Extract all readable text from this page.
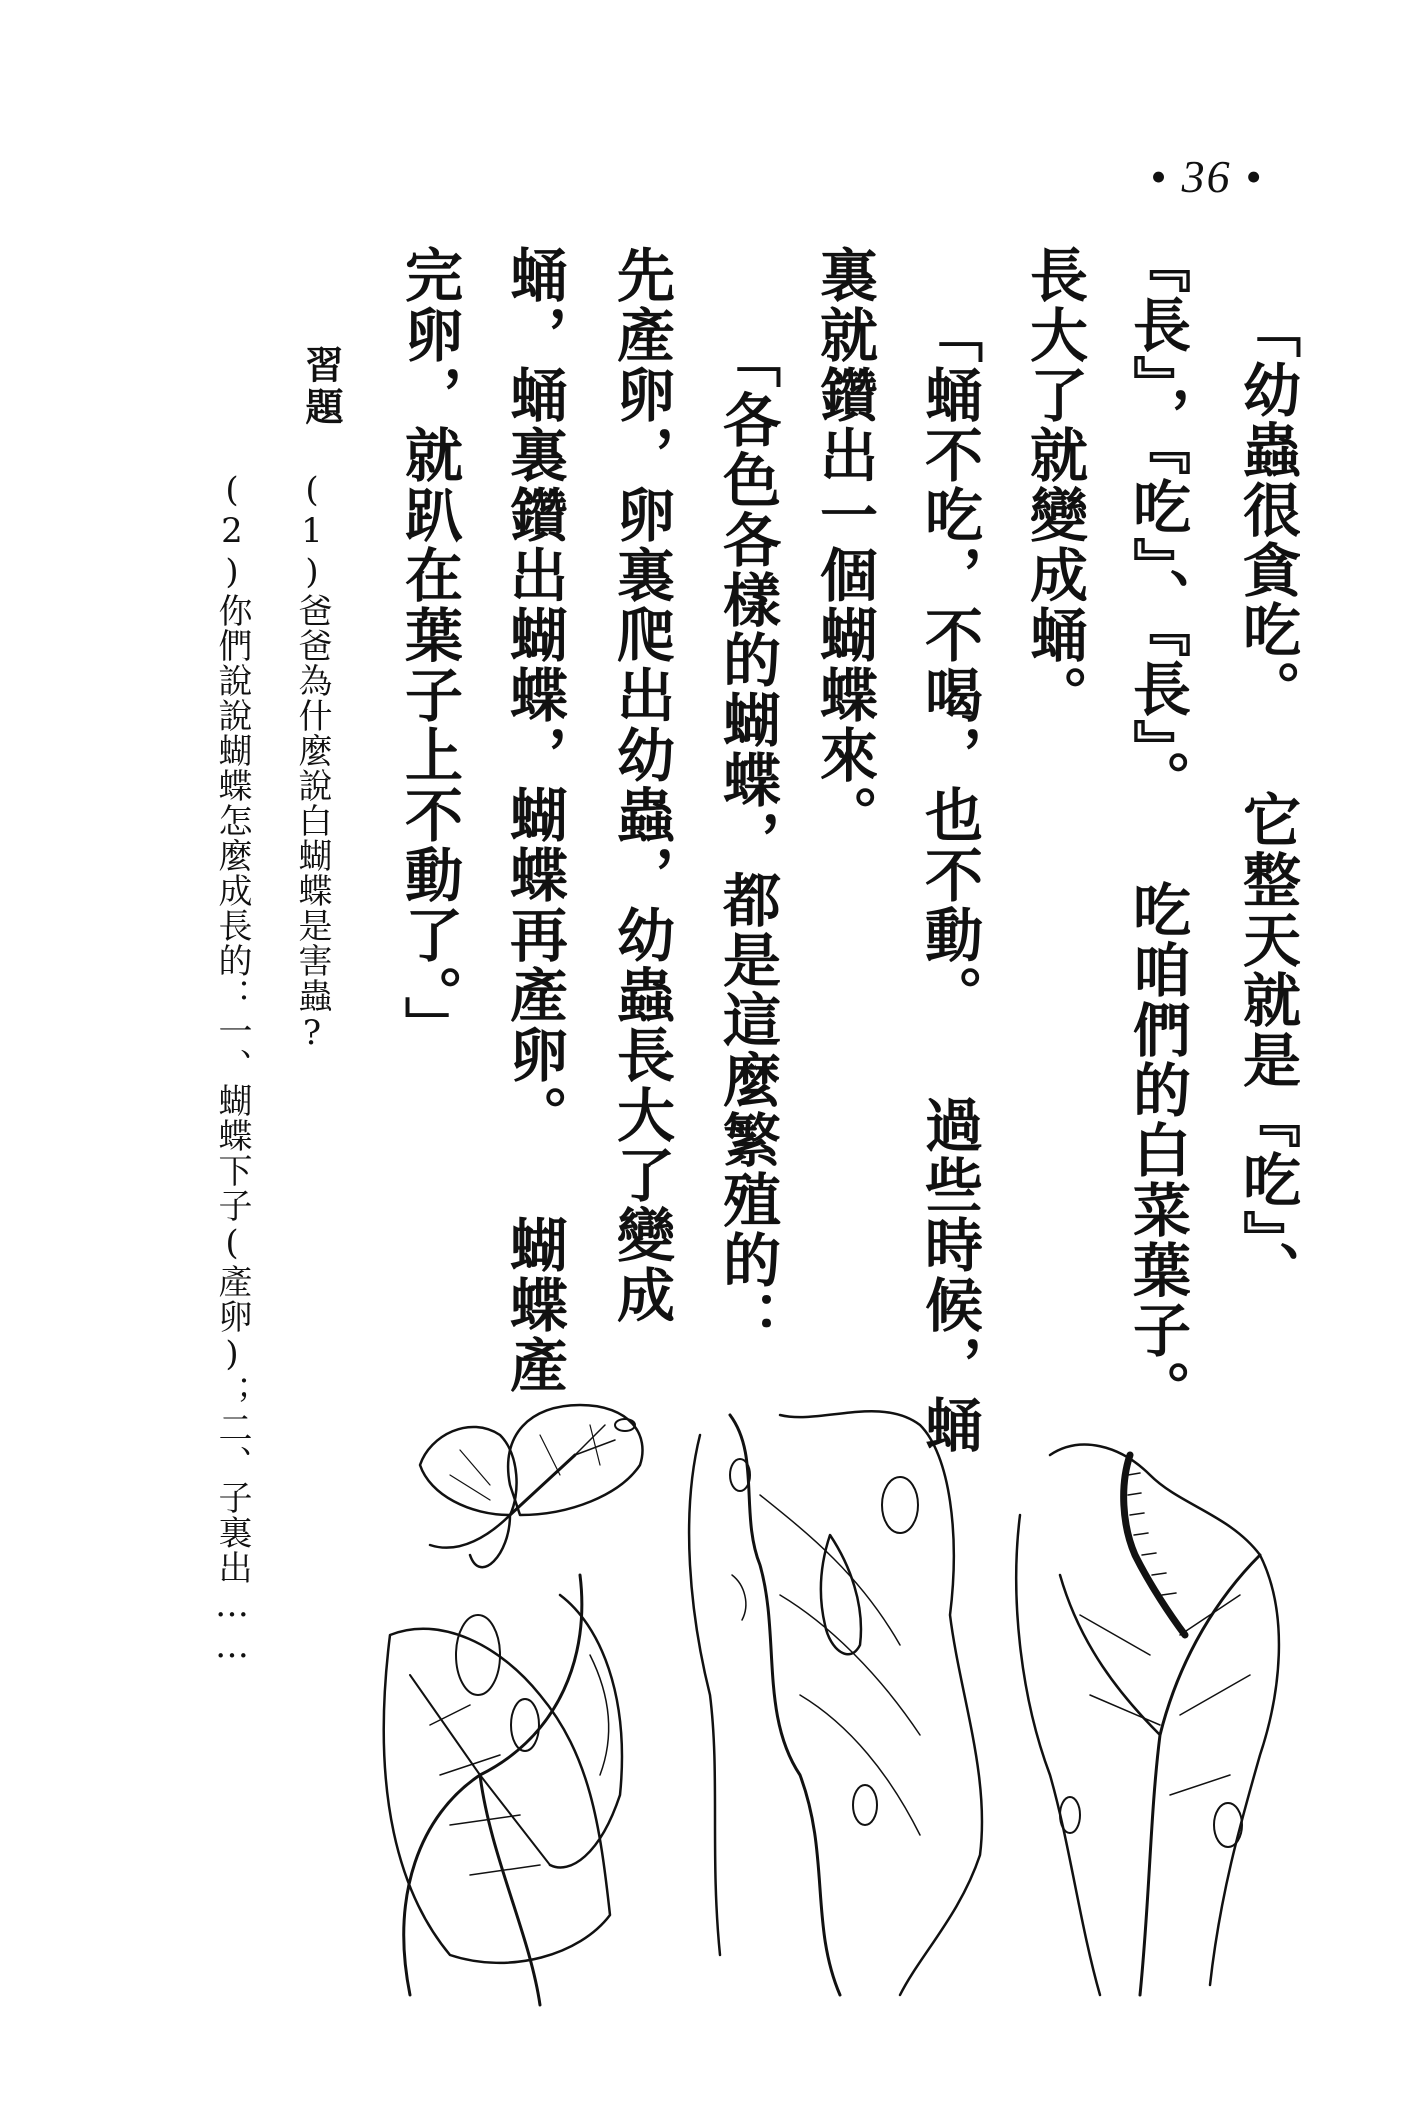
• 36 •
「幼蟲很貪吃。 它整天就是『吃』、
『長』，『吃』、『長』。 吃咱們的白菜葉子。
長大了就變成蛹。
「蛹不吃，不喝，也不動。 過些時候，蛹
裏就鑽出一個蝴蝶來。
「各色各樣的蝴蝶，都是這麼繁殖的：
先產卵，卵裏爬出幼蟲，幼蟲長大了變成
蛹，蛹裏鑽出蝴蝶，蝴蝶再產卵。 蝴蝶產
完卵，就趴在葉子上不動了。」
習題
(1)爸爸為什麼說白蝴蝶是害蟲?
(2)你們說說蝴蝶怎麼成長的：一、蝴蝶下子(產卵)；二、子裏出……
